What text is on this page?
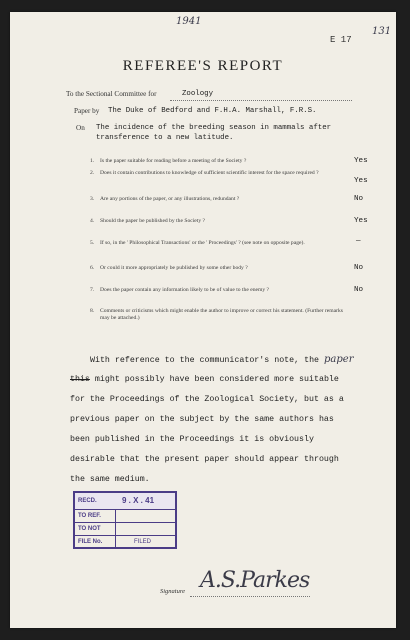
1941
E 17
131
REFEREE'S REPORT
To the Sectional Committee for	Zoology
Paper by The Duke of Bedford and F.H.A. Marshall, F.R.S.
On The incidence of the breeding season in mammals after
transference to a new latitude.
1. Is the paper suitable for reading before a meeting of the Society ?	Yes
2. Does it contain contributions to knowledge of sufficient scientific interest for the space required ?
Yes
3. Are any portions of the paper, or any illustrations, redundant ?	No
4. Should the paper be published by the Society ?	Yes
5. If so, in the ' Philosophical Transactions' or the ' Proceedings' ? (see note on opposite page).	—
6. Or could it more appropriately be published by some other body ?	No
7. Does the paper contain any information likely to be of value to the enemy ?	No
8. Comments or criticisms which might enable the author to improve or correct his statement. (Further remarks may be attached.)
With reference to the communicator's note, the paper
this might possibly have been considered more suitable
for the Proceedings of the Zoological Society, but as a
previous paper on the subject by the same authors has
been published in the Proceedings it is obviously
desirable that the present paper should appear through
the same medium.
RECD.	9 . X . 41
TO REF.
TO NOT
FILE No.	FILED
Signature A.S.Parkes
